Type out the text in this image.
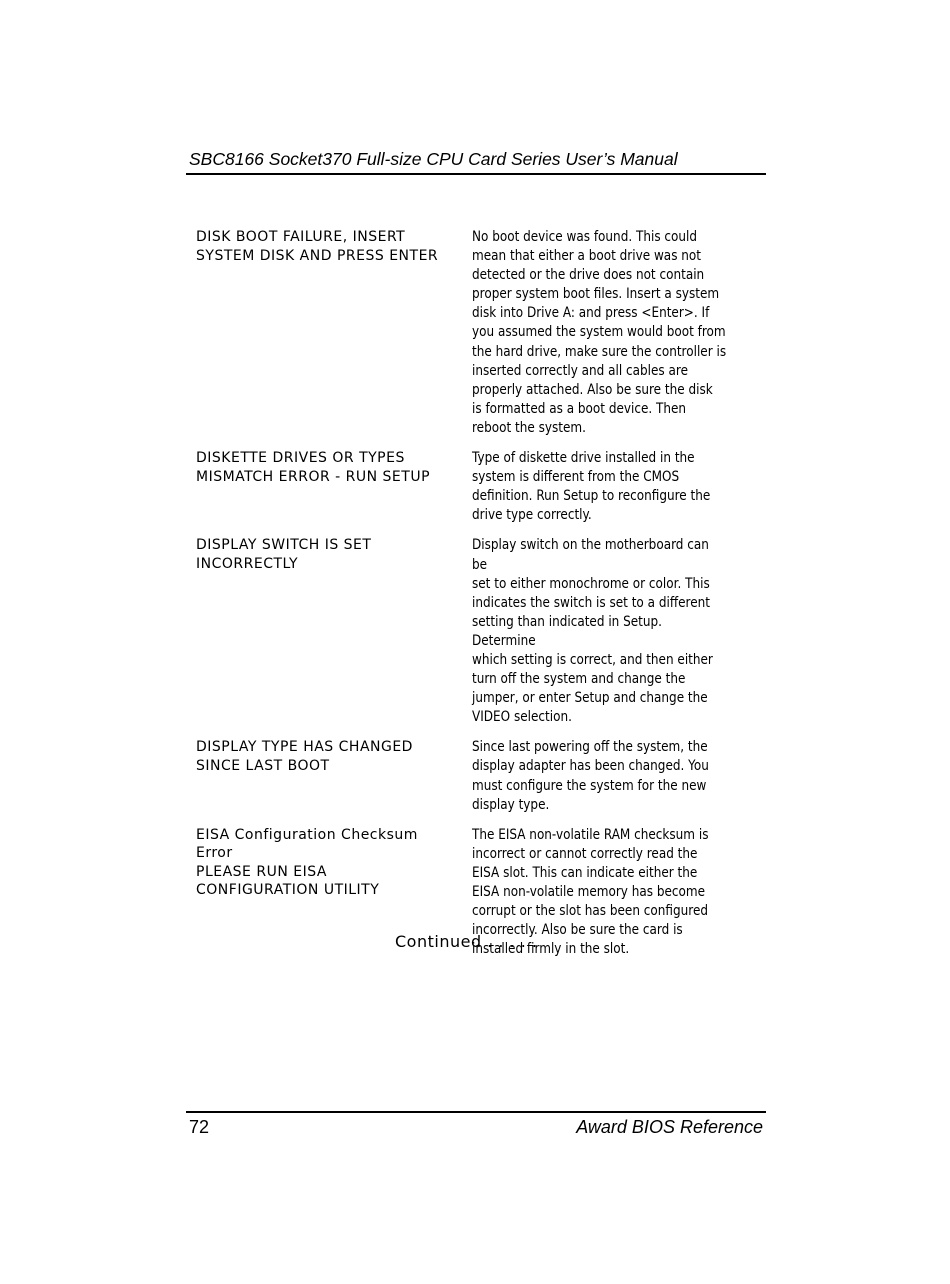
SBC8166 Socket370 Full-size CPU Card Series User’s Manual
DISK BOOT FAILURE, INSERT
SYSTEM DISK AND PRESS ENTER
No boot device was found. This could
mean that either a boot drive was not
detected or the drive does not contain
proper system boot files. Insert a system
disk into Drive A: and press <Enter>. If
you assumed the system would boot from
the hard drive, make sure the controller is
inserted correctly and all cables are
properly attached. Also be sure the disk
is formatted as a boot device. Then
reboot the system.
DISKETTE DRIVES OR TYPES
MISMATCH ERROR - RUN SETUP
Type of diskette drive installed in the
system is different from the CMOS
definition. Run Setup to reconfigure the
drive type correctly.
DISPLAY SWITCH IS SET
INCORRECTLY
Display switch on the motherboard can be
set to either monochrome or color. This
indicates the switch is set to a different
setting than indicated in Setup. Determine
which setting is correct, and then either
turn off the system and change the
jumper, or enter Setup and change the
VIDEO selection.
DISPLAY TYPE HAS CHANGED
SINCE LAST BOOT
Since last powering off the system, the
display adapter has been changed. You
must configure the system for the new
display type.
EISA Configuration Checksum
Error
PLEASE RUN EISA
CONFIGURATION UTILITY
The EISA non-volatile RAM checksum is
incorrect or cannot correctly read the
EISA slot. This can indicate either the
EISA non-volatile memory has become
corrupt or the slot has been configured
incorrectly. Also be sure the card is
installed firmly in the slot.
Continued . . . . .
72	Award BIOS Reference
